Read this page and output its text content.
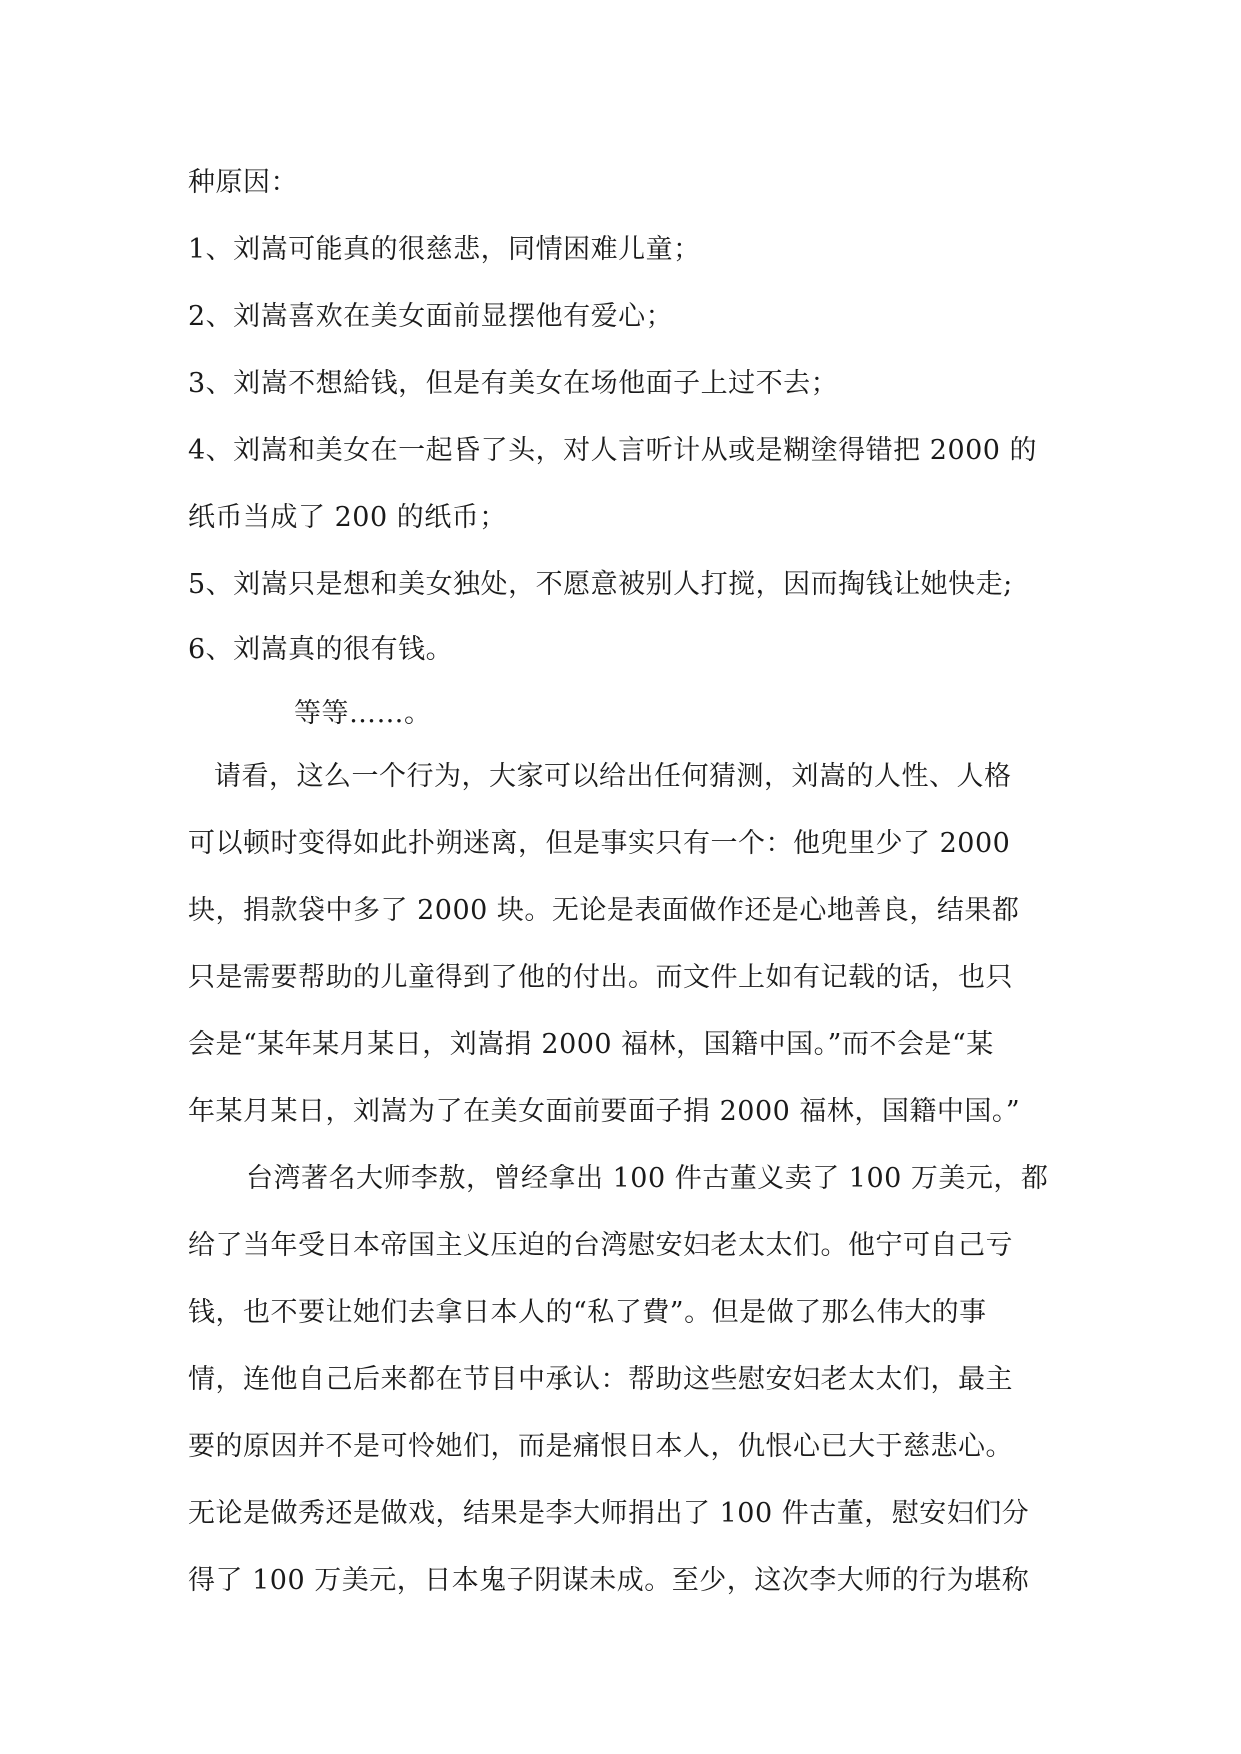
种原因：
1、刘嵩可能真的很慈悲，同情困难儿童；
2、刘嵩喜欢在美女面前显摆他有爱心；
3、刘嵩不想給钱，但是有美女在场他面子上过不去；
4、刘嵩和美女在一起昏了头，对人言听计从或是糊塗得错把 2000 的
纸币当成了 200 的纸币；
5、刘嵩只是想和美女独处，不愿意被别人打搅，因而掏钱让她快走;
6、刘嵩真的很有钱。
等等……。
请看，这么一个行为，大家可以给出任何猜测，刘嵩的人性、人格
可以顿时变得如此扑朔迷离，但是事实只有一个：他兜里少了 2000
块，捐款袋中多了 2000 块。无论是表面做作还是心地善良，结果都
只是需要帮助的儿童得到了他的付出。而文件上如有记载的话，也只
会是“某年某月某日，刘嵩捐 2000 福林，国籍中国。”而不会是“某
年某月某日，刘嵩为了在美女面前要面子捐 2000 福林，国籍中国。”
台湾著名大师李敖，曾经拿出 100 件古董义卖了 100 万美元，都
给了当年受日本帝国主义压迫的台湾慰安妇老太太们。他宁可自己亏
钱，也不要让她们去拿日本人的“私了費”。但是做了那么伟大的事
情，连他自己后来都在节目中承认：帮助这些慰安妇老太太们，最主
要的原因并不是可怜她们，而是痛恨日本人，仇恨心已大于慈悲心。
无论是做秀还是做戏，结果是李大师捐出了 100 件古董，慰安妇们分
得了 100 万美元，日本鬼子阴谋未成。至少，这次李大师的行为堪称
